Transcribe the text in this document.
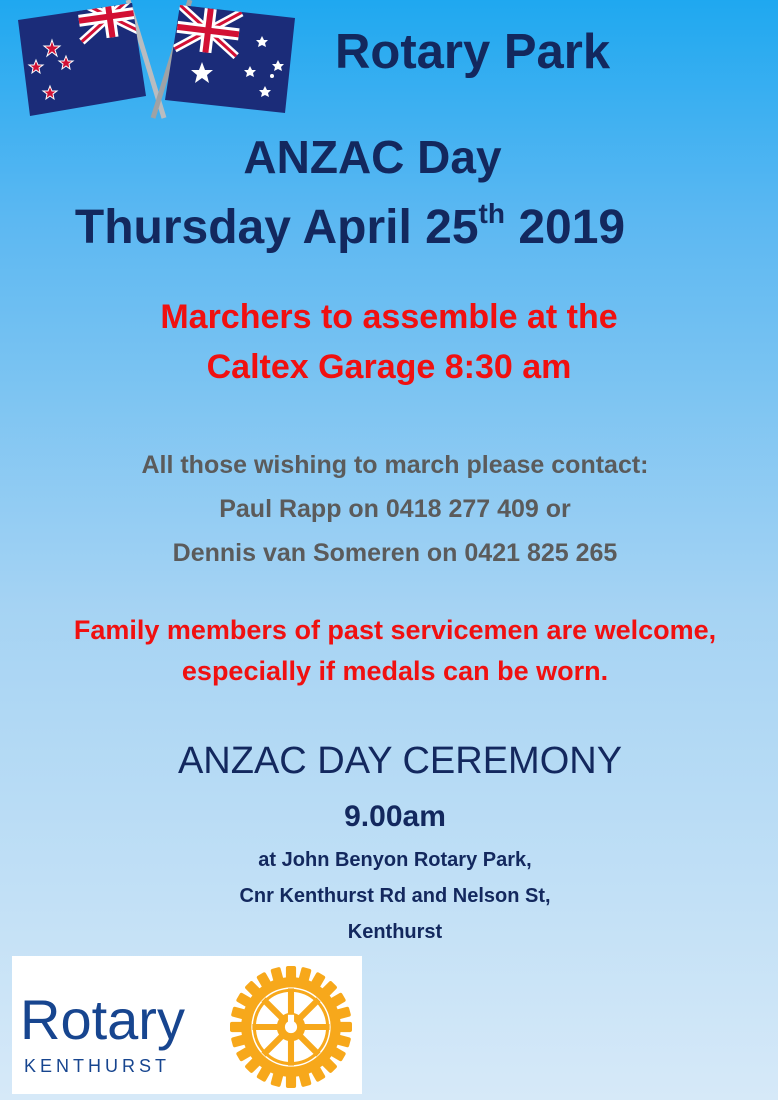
Rotary Park
ANZAC Day
Thursday April 25th 2019
Marchers to assemble at the
Caltex Garage 8:30 am
All those wishing to march please contact:
Paul Rapp on 0418 277 409 or
Dennis van Someren on 0421 825 265
Family members of past servicemen are welcome,
especially if medals can be worn.
ANZAC DAY CEREMONY
9.00am
at John Benyon Rotary Park,
Cnr Kenthurst Rd and Nelson St,
Kenthurst
Rotary
KENTHURST
